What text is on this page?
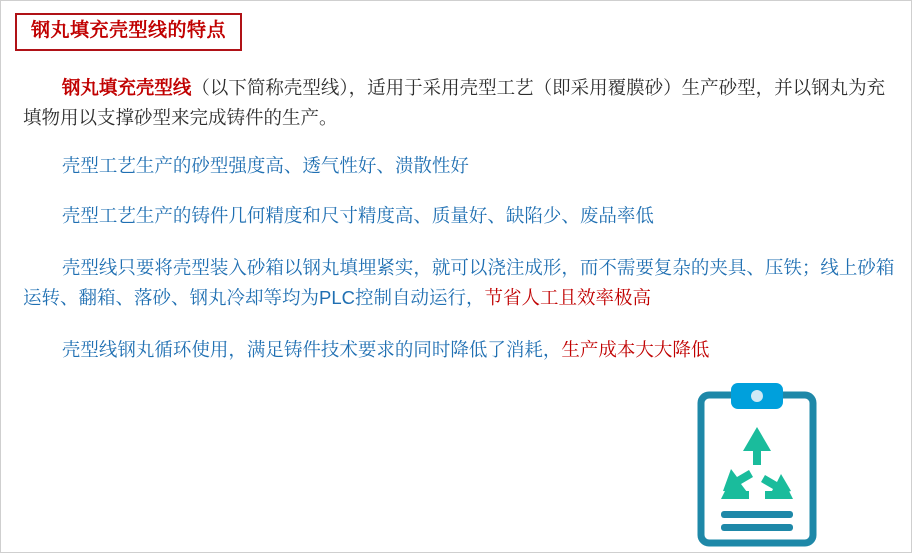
钢丸填充壳型线的特点

钢丸填充壳型线（以下简称壳型线），适用于采用壳型工艺（即采用覆膜砂）生产砂型，并以钢丸为充填物用以支撑砂型来完成铸件的生产。

壳型工艺生产的砂型强度高、透气性好、溃散性好

壳型工艺生产的铸件几何精度和尺寸精度高、质量好、缺陷少、废品率低

壳型线只要将壳型装入砂箱以钢丸填埋紧实，就可以浇注成形，而不需要复杂的夹具、压铁；线上砂箱运转、翻箱、落砂、钢丸冷却等均为PLC控制自动运行，节省人工且效率极高

壳型线钢丸循环使用，满足铸件技术要求的同时降低了消耗，生产成本大大降低
